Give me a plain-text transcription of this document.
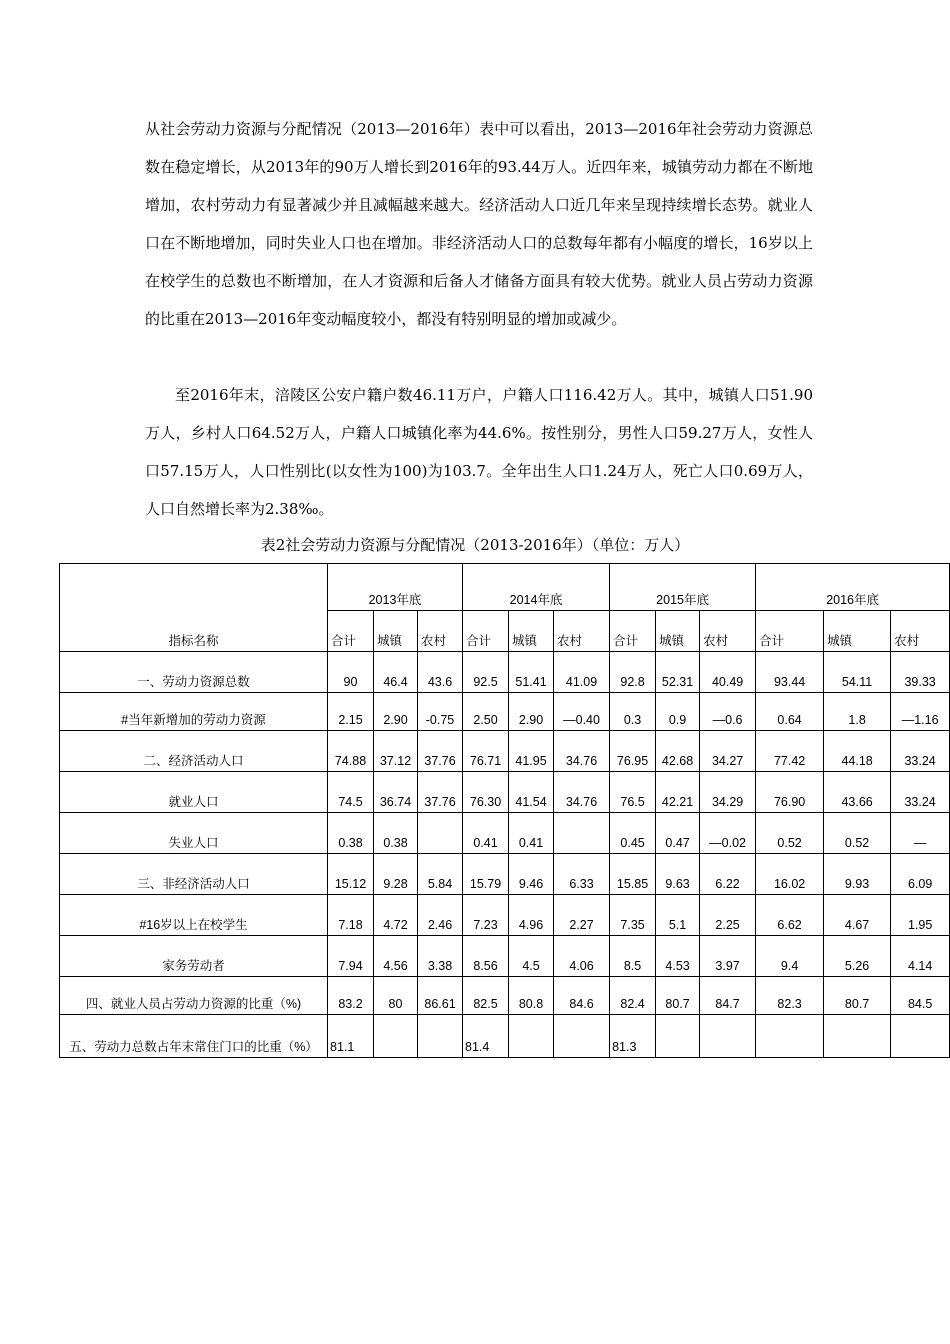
从社会劳动力资源与分配情况（2013—2016年）表中可以看出，2013—2016年社会劳动力资源总数在稳定增长，从2013年的90万人增长到2016年的93.44万人。近四年来，城镇劳动力都在不断地增加，农村劳动力有显著减少并且减幅越来越大。经济活动人口近几年来呈现持续增长态势。就业人口在不断地增加，同时失业人口也在增加。非经济活动人口的总数每年都有小幅度的增长，16岁以上在校学生的总数也不断增加，在人才资源和后备人才储备方面具有较大优势。就业人员占劳动力资源的比重在2013—2016年变动幅度较小，都没有特别明显的增加或减少。

至2016年末，涪陵区公安户籍户数46.11万户，户籍人口116.42万人。其中，城镇人口51.90万人，乡村人口64.52万人，户籍人口城镇化率为44.6%。按性别分，男性人口59.27万人，女性人口57.15万人，人口性别比(以女性为100)为103.7。全年出生人口1.24万人，死亡人口0.69万人，人口自然增长率为2.38‰。

表2社会劳动力资源与分配情况（2013-2016年）（单位：万人）
指标名称	2013年底			2014年底			2015年底			2016年底		
	合计	城镇	农村	合计	城镇	农村	合计	城镇	农村	合计	城镇	农村
一、劳动力资源总数	90	46.4	43.6	92.5	51.41	41.09	92.8	52.31	40.49	93.44	54.11	39.33
#当年新增加的劳动力资源	2.15	2.90	-0.75	2.50	2.90	—0.40	0.3	0.9	—0.6	0.64	1.8	—1.16
二、经济活动人口	74.88	37.12	37.76	76.71	41.95	34.76	76.95	42.68	34.27	77.42	44.18	33.24
就业人口	74.5	36.74	37.76	76.30	41.54	34.76	76.5	42.21	34.29	76.90	43.66	33.24
失业人口	0.38	0.38		0.41	0.41		0.45	0.47	—0.02	0.52	0.52	—
三、非经济活动人口	15.12	9.28	5.84	15.79	9.46	6.33	15.85	9.63	6.22	16.02	9.93	6.09
#16岁以上在校学生	7.18	4.72	2.46	7.23	4.96	2.27	7.35	5.1	2.25	6.62	4.67	1.95
家务劳动者	7.94	4.56	3.38	8.56	4.5	4.06	8.5	4.53	3.97	9.4	5.26	4.14
四、就业人员占劳动力资源的比重（%)	83.2	80	86.61	82.5	80.8	84.6	82.4	80.7	84.7	82.3	80.7	84.5
五、劳动力总数占年末常住门口的比重（%）	81.1			81.4			81.3					
